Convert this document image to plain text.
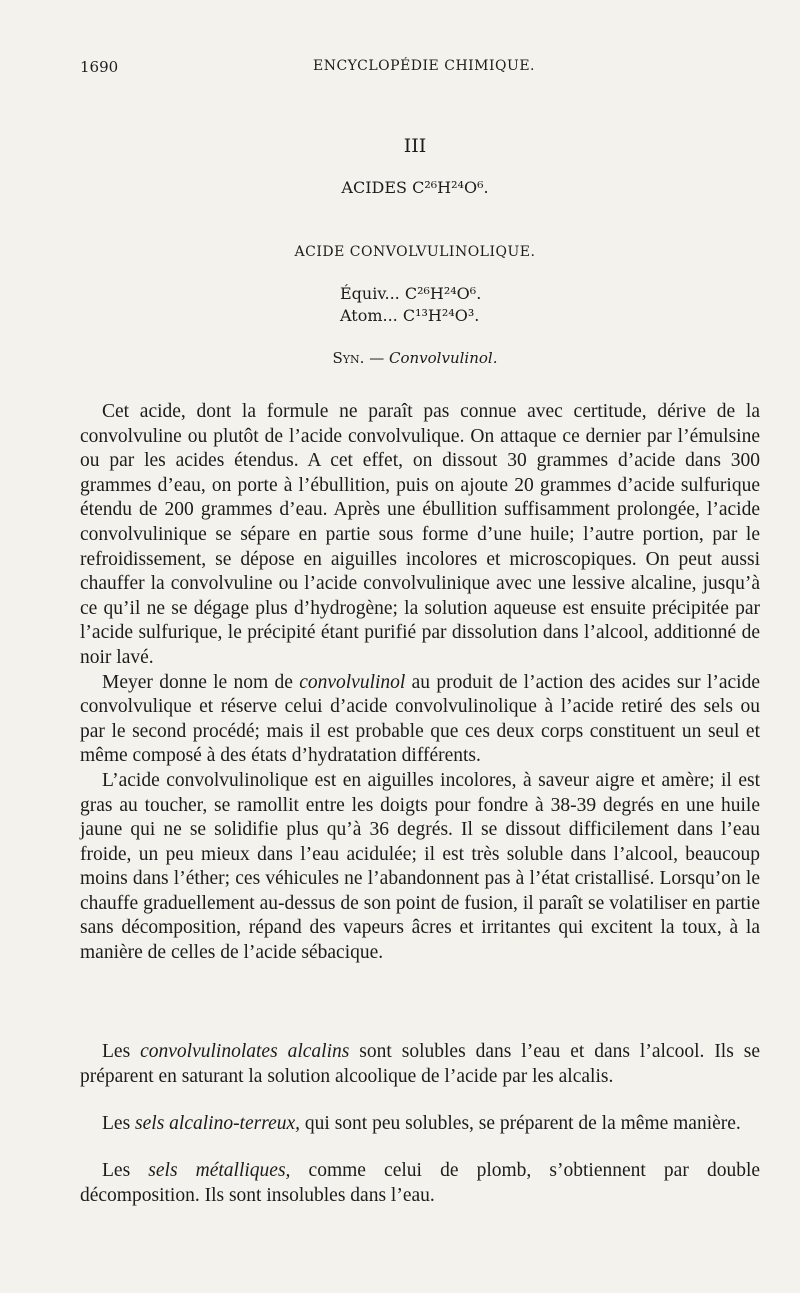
1690	ENCYCLOPÉDIE CHIMIQUE.
III
ACIDES C²⁶H²⁴O⁶.
ACIDE CONVOLVULINOLIQUE.
Équiv... C²⁶H²⁴O⁶.
Atom... C¹³H²⁴O³.
Syn. — Convolvulinol.

Cet acide, dont la formule ne paraît pas connue avec certitude, dérive de la convolvuline ou plutôt de l’acide convolvulique. On attaque ce dernier par l’émulsine ou par les acides étendus. A cet effet, on dissout 30 grammes d’acide dans 300 grammes d’eau, on porte à l’ébullition, puis on ajoute 20 grammes d’acide sulfurique étendu de 200 grammes d’eau. Après une ébullition suffisamment prolongée, l’acide convolvulinique se sépare en partie sous forme d’une huile; l’autre portion, par le refroidissement, se dépose en aiguilles incolores et microscopiques. On peut aussi chauffer la convolvuline ou l’acide convolvulinique avec une lessive alcaline, jusqu’à ce qu’il ne se dégage plus d’hydrogène; la solution aqueuse est ensuite précipitée par l’acide sulfurique, le précipité étant purifié par dissolution dans l’alcool, additionné de noir lavé.

Meyer donne le nom de convolvulinol au produit de l’action des acides sur l’acide convolvulique et réserve celui d’acide convolvulinolique à l’acide retiré des sels ou par le second procédé; mais il est probable que ces deux corps constituent un seul et même composé à des états d’hydratation différents.

L’acide convolvulinolique est en aiguilles incolores, à saveur aigre et amère; il est gras au toucher, se ramollit entre les doigts pour fondre à 38-39 degrés en une huile jaune qui ne se solidifie plus qu’à 36 degrés. Il se dissout difficilement dans l’eau froide, un peu mieux dans l’eau acidulée; il est très soluble dans l’alcool, beaucoup moins dans l’éther; ces véhicules ne l’abandonnent pas à l’état cristallisé. Lorsqu’on le chauffe graduellement au-dessus de son point de fusion, il paraît se volatiliser en partie sans décomposition, répand des vapeurs âcres et irritantes qui excitent la toux, à la manière de celles de l’acide sébacique.

Les convolvulinolates alcalins sont solubles dans l’eau et dans l’alcool. Ils se préparent en saturant la solution alcoolique de l’acide par les alcalis.

Les sels alcalino-terreux, qui sont peu solubles, se préparent de la même manière.

Les sels métalliques, comme celui de plomb, s’obtiennent par double décomposition. Ils sont insolubles dans l’eau.
